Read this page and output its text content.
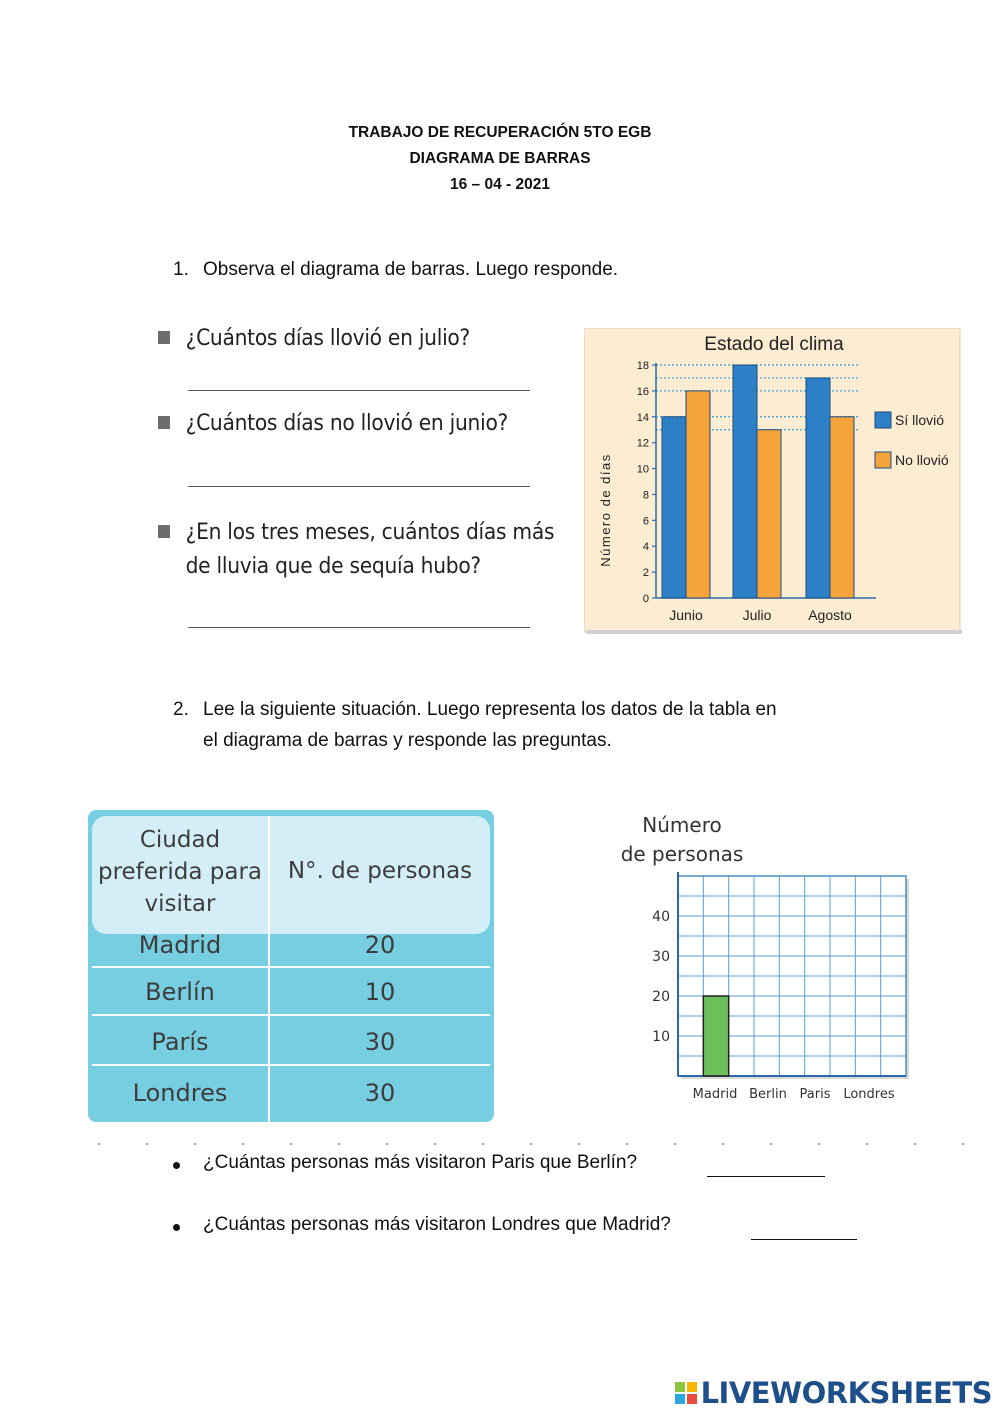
TRABAJO DE RECUPERACIÓN 5TO EGB
DIAGRAMA DE BARRAS
16 – 04 - 2021
1. Observa el diagrama de barras. Luego responde.
¿Cuántos días llovió en julio?
¿Cuántos días no llovió en junio?
¿En los tres meses, cuántos días más
de lluvia que de sequía hubo?
Estado del clima
Número de días
0
2
4
6
8
10
12
14
16
18
Junio	Julio	Agosto
Sí llovió
No llovió
2. Lee la siguiente situación. Luego representa los datos de la tabla en
el diagrama de barras y responde las preguntas.
Ciudad
preferida para
visitar
N°. de personas
Madrid	20
Berlín	10
París	30
Londres	30
Número
de personas
10
20
30
40
Madrid Berlin Paris Londres
¿Cuántas personas más visitaron Paris que Berlín?
¿Cuántas personas más visitaron Londres que Madrid?
LIVEWORKSHEETS
